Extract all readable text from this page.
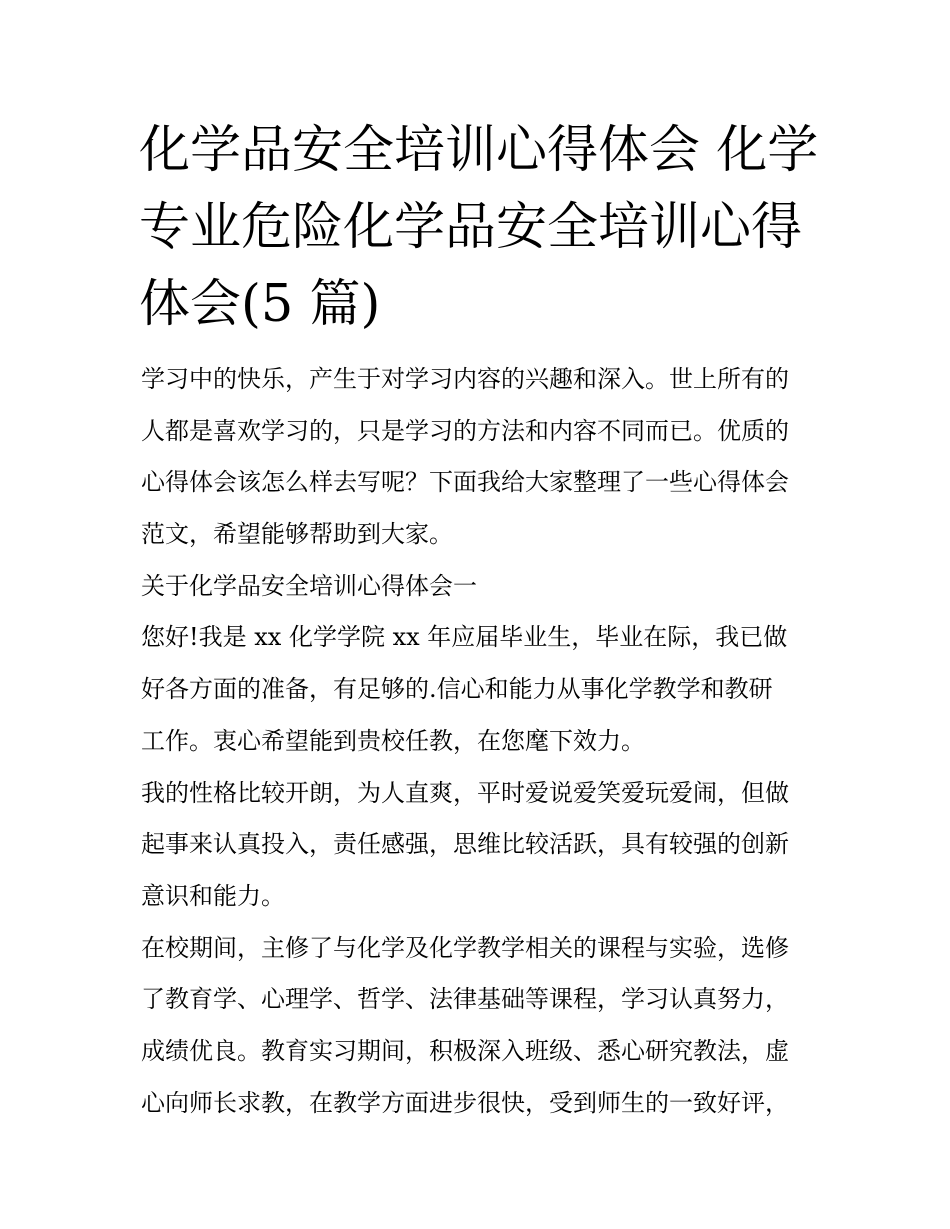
化学品安全培训心得体会 化学
专业危险化学品安全培训心得
体会(5 篇)
学习中的快乐，产生于对学习内容的兴趣和深入。世上所有的
人都是喜欢学习的，只是学习的方法和内容不同而已。优质的
心得体会该怎么样去写呢？下面我给大家整理了一些心得体会
范文，希望能够帮助到大家。
关于化学品安全培训心得体会一
您好!我是 xx 化学学院 xx 年应届毕业生，毕业在际，我已做
好各方面的准备，有足够的.信心和能力从事化学教学和教研
工作。衷心希望能到贵校任教，在您麾下效力。
我的性格比较开朗，为人直爽，平时爱说爱笑爱玩爱闹，但做
起事来认真投入，责任感强，思维比较活跃，具有较强的创新
意识和能力。
在校期间，主修了与化学及化学教学相关的课程与实验，选修
了教育学、心理学、哲学、法律基础等课程，学习认真努力，
成绩优良。教育实习期间，积极深入班级、悉心研究教法，虚
心向师长求教，在教学方面进步很快，受到师生的一致好评，
